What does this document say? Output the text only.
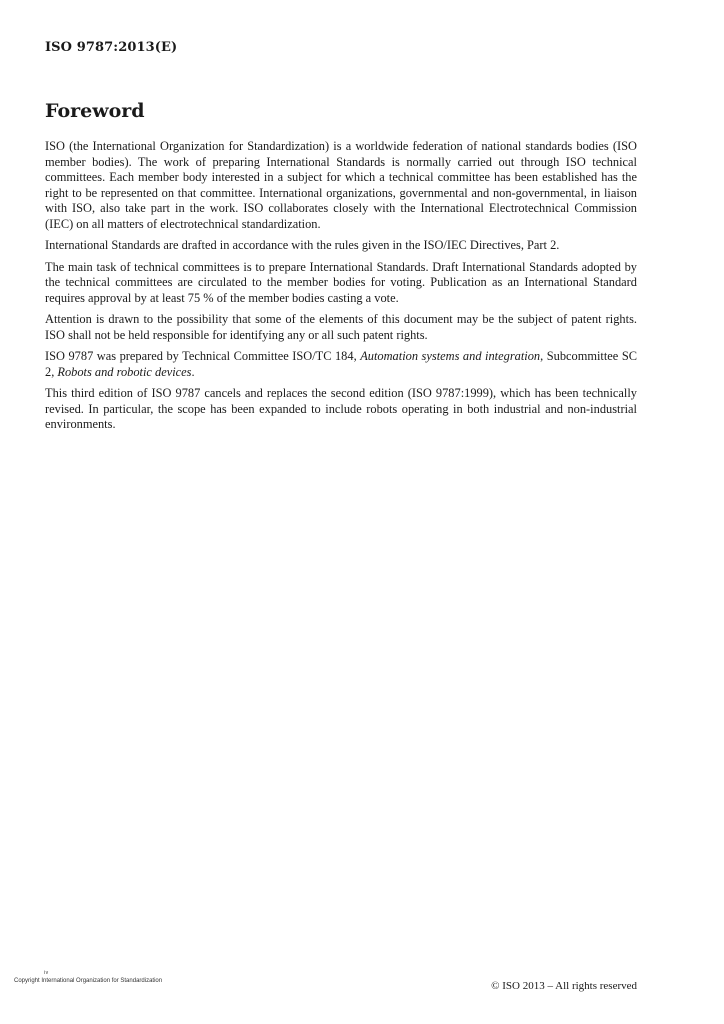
ISO 9787:2013(E)
Foreword

ISO (the International Organization for Standardization) is a worldwide federation of national standards bodies (ISO member bodies). The work of preparing International Standards is normally carried out through ISO technical committees. Each member body interested in a subject for which a technical committee has been established has the right to be represented on that committee. International organizations, governmental and non-governmental, in liaison with ISO, also take part in the work. ISO collaborates closely with the International Electrotechnical Commission (IEC) on all matters of electrotechnical standardization.

International Standards are drafted in accordance with the rules given in the ISO/IEC Directives, Part 2.

The main task of technical committees is to prepare International Standards. Draft International Standards adopted by the technical committees are circulated to the member bodies for voting. Publication as an International Standard requires approval by at least 75 % of the member bodies casting a vote.

Attention is drawn to the possibility that some of the elements of this document may be the subject of patent rights. ISO shall not be held responsible for identifying any or all such patent rights.

ISO 9787 was prepared by Technical Committee ISO/TC 184, Automation systems and integration, Subcommittee SC 2, Robots and robotic devices.

This third edition of ISO 9787 cancels and replaces the second edition (ISO 9787:1999), which has been technically revised. In particular, the scope has been expanded to include robots operating in both industrial and non-industrial environments.

iv
Copyright International Organization for Standardization	© ISO 2013 – All rights reserved
